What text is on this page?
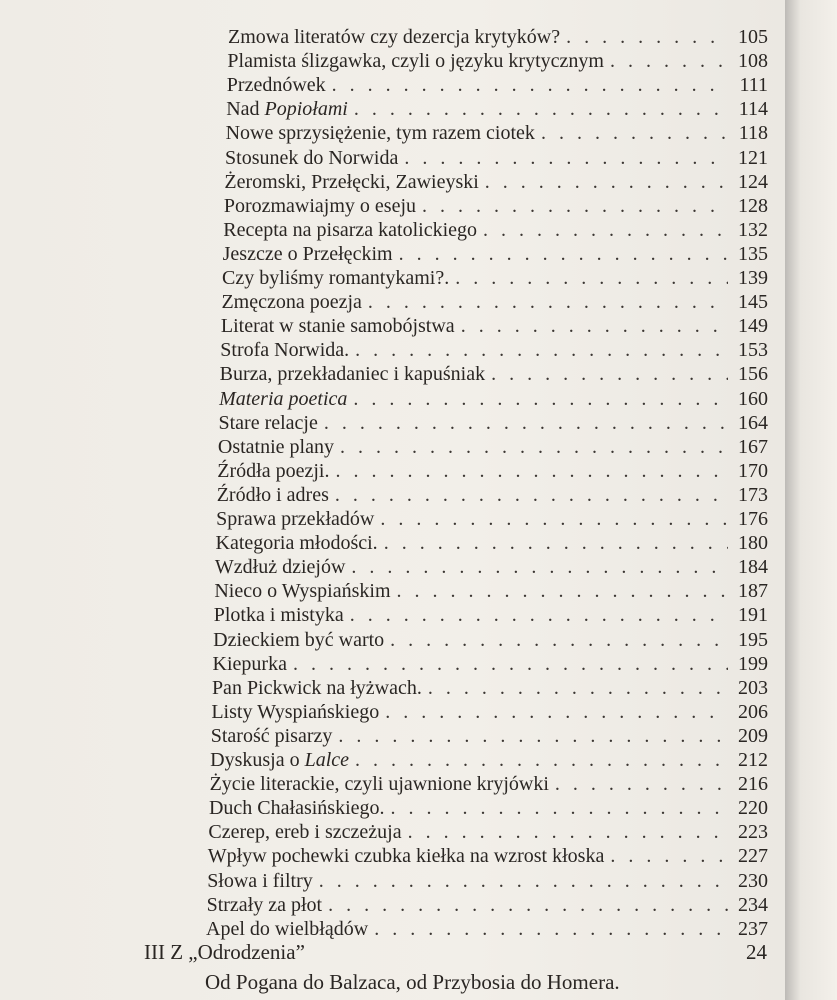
Zmowa literatów czy dezercja krytyków? . . .	105
Plamista ślizgawka, czyli o języku krytycznym . . .	108
Przednówek . . .	111
Nad Popiołami . . .	114
Nowe sprzysiężenie, tym razem ciotek . . .	118
Stosunek do Norwida . . .	121
Żeromski, Przełęcki, Zawieyski . . .	124
Porozmawiajmy o eseju . . .	128
Recepta na pisarza katolickiego . . .	132
Jeszcze o Przełęckim . . .	135
Czy byliśmy romantykami?. . . .	139
Zmęczona poezja . . .	145
Literat w stanie samobójstwa . . .	149
Strofa Norwida. . . .	153
Burza, przekładaniec i kapuśniak . . .	156
Materia poetica . . .	160
Stare relacje . . .	164
Ostatnie plany . . .	167
Źródła poezji. . . .	170
Źródło i adres . . .	173
Sprawa przekładów . . .	176
Kategoria młodości. . . .	180
Wzdłuż dziejów . . .	184
Nieco o Wyspiańskim . . .	187
Plotka i mistyka . . .	191
Dzieckiem być warto . . .	195
Kiepurka . . .	199
Pan Pickwick na łyżwach. . . .	203
Listy Wyspiańskiego . . .	206
Starość pisarzy . . .	209
Dyskusja o Lalce . . .	212
Życie literackie, czyli ujawnione kryjówki . . .	216
Duch Chałasińskiego. . . .	220
Czerep, ereb i szczeżuja . . .	223
Wpływ pochewki czubka kiełka na wzrost kłoska . . .	227
Słowa i filtry . . .	230
Strzały za płot . . .	234
Apel do wielbłądów . . .	237
III Z „Odrodzenia”	24
Od Pogana do Balzaca, od Przybosia do Homera.
